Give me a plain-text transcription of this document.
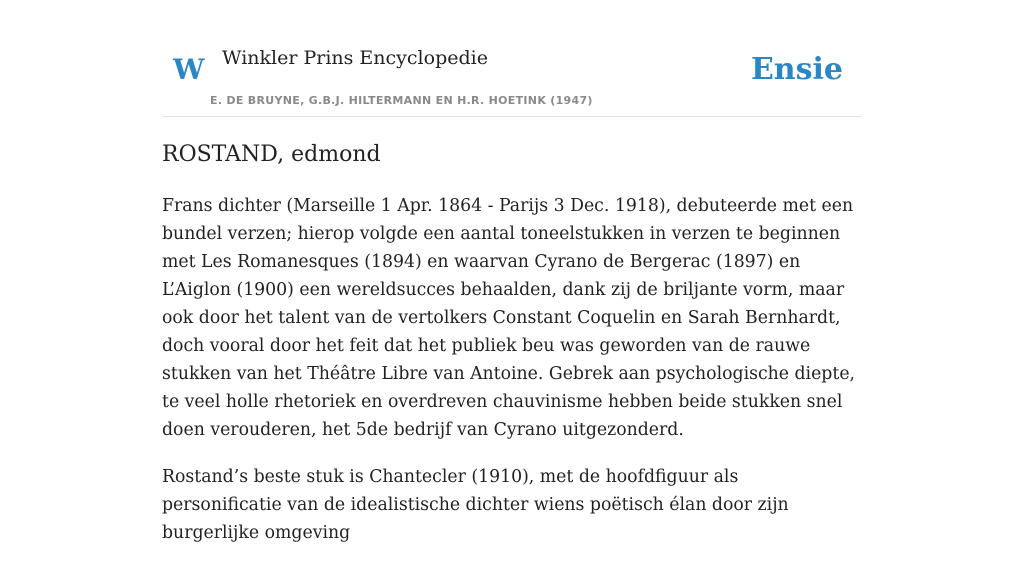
W Winkler Prins Encyclopedie
E. DE BRUYNE, G.B.J. HILTERMANN EN H.R. HOETINK (1947)
Ensie
ROSTAND, edmond

Frans dichter (Marseille 1 Apr. 1864 - Parijs 3 Dec. 1918), debuteerde met een bundel verzen; hierop volgde een aantal toneelstukken in verzen te beginnen met Les Romanesques (1894) en waarvan Cyrano de Bergerac (1897) en L’Aiglon (1900) een wereldsucces behaalden, dank zij de briljante vorm, maar ook door het talent van de vertolkers Constant Coquelin en Sarah Bernhardt, doch vooral door het feit dat het publiek beu was geworden van de rauwe stukken van het Théâtre Libre van Antoine. Gebrek aan psychologische diepte, te veel holle rhetoriek en overdreven chauvinisme hebben beide stukken snel doen verouderen, het 5de bedrijf van Cyrano uitgezonderd.

Rostand’s beste stuk is Chantecler (1910), met de hoofdfiguur als personificatie van de idealistische dichter wiens poëtisch élan door zijn burgerlijke omgeving
